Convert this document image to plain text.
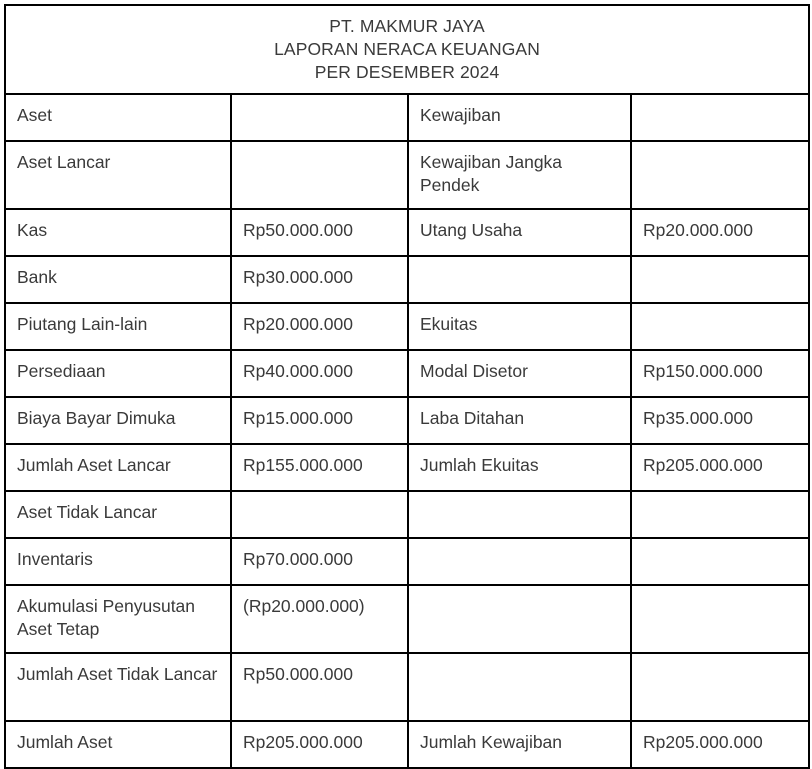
PT. MAKMUR JAYA
LAPORAN NERACA KEUANGAN
PER DESEMBER 2024			

Aset		Kewajiban	
Aset Lancar		Kewajiban Jangka Pendek	
Kas	Rp50.000.000	Utang Usaha	Rp20.000.000
Bank	Rp30.000.000		
Piutang Lain-lain	Rp20.000.000	Ekuitas	
Persediaan	Rp40.000.000	Modal Disetor	Rp150.000.000
Biaya Bayar Dimuka	Rp15.000.000	Laba Ditahan	Rp35.000.000
Jumlah Aset Lancar	Rp155.000.000	Jumlah Ekuitas	Rp205.000.000
Aset Tidak Lancar			
Inventaris	Rp70.000.000		
Akumulasi Penyusutan Aset Tetap	(Rp20.000.000)		
Jumlah Aset Tidak Lancar	Rp50.000.000		
Jumlah Aset	Rp205.000.000	Jumlah Kewajiban	Rp205.000.000
